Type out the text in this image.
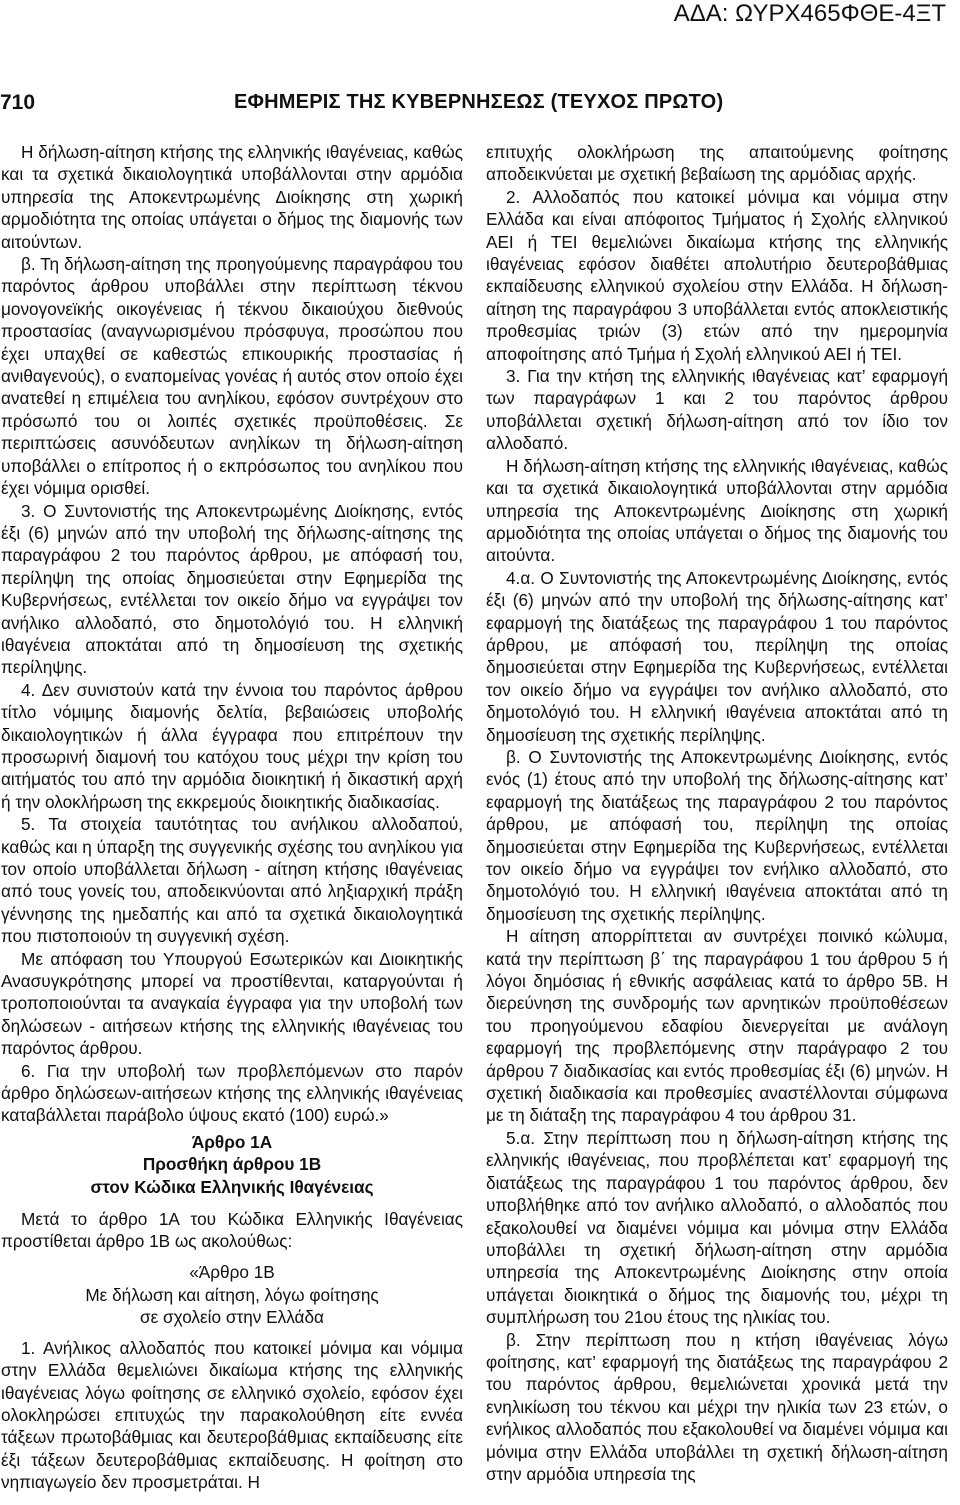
ΑΔΑ: ΩΥΡΧ465ΦΘΕ-4ΞΤ
710	ΕΦΗΜΕΡΙΣ ΤΗΣ ΚΥΒΕΡΝΗΣΕΩΣ (ΤΕΥΧΟΣ ΠΡΩΤΟ)

Η δήλωση-αίτηση κτήσης της ελληνικής ιθαγένειας, καθώς και τα σχετικά δικαιολογητικά υποβάλλονται στην αρμόδια υπηρεσία της Αποκεντρωμένης Διοίκησης στη χωρική αρμοδιότητα της οποίας υπάγεται ο δήμος της διαμονής των αιτούντων.

β. Τη δήλωση-αίτηση της προηγούμενης παραγράφου του παρόντος άρθρου υποβάλλει στην περίπτωση τέκνου μονογονεϊκής οικογένειας ή τέκνου δικαιούχου διεθνούς προστασίας (αναγνωρισμένου πρόσφυγα, προσώπου που έχει υπαχθεί σε καθεστώς επικουρικής προστασίας ή ανιθαγενούς), ο εναπομείνας γονέας ή αυτός στον οποίο έχει ανατεθεί η επιμέλεια του ανηλίκου, εφόσον συντρέχουν στο πρόσωπό του οι λοιπές σχετικές προϋποθέσεις. Σε περιπτώσεις ασυνόδευτων ανηλίκων τη δήλωση-αίτηση υποβάλλει ο επίτροπος ή ο εκπρόσωπος του ανηλίκου που έχει νόμιμα ορισθεί.

3. Ο Συντονιστής της Αποκεντρωμένης Διοίκησης, εντός έξι (6) μηνών από την υποβολή της δήλωσης-αίτησης της παραγράφου 2 του παρόντος άρθρου, με απόφασή του, περίληψη της οποίας δημοσιεύεται στην Εφημερίδα της Κυβερνήσεως, εντέλλεται τον οικείο δήμο να εγγράψει τον ανήλικο αλλοδαπό, στο δημοτολόγιό του. Η ελληνική ιθαγένεια αποκτάται από τη δημοσίευση της σχετικής περίληψης.

4. Δεν συνιστούν κατά την έννοια του παρόντος άρθρου τίτλο νόμιμης διαμονής δελτία, βεβαιώσεις υποβολής δικαιολογητικών ή άλλα έγγραφα που επιτρέπουν την προσωρινή διαμονή του κατόχου τους μέχρι την κρίση του αιτήματός του από την αρμόδια διοικητική ή δικαστική αρχή ή την ολοκλήρωση της εκκρεμούς διοικητικής διαδικασίας.

5. Τα στοιχεία ταυτότητας του ανήλικου αλλοδαπού, καθώς και η ύπαρξη της συγγενικής σχέσης του ανηλίκου για τον οποίο υποβάλλεται δήλωση - αίτηση κτήσης ιθαγένειας από τους γονείς του, αποδεικνύονται από ληξιαρχική πράξη γέννησης της ημεδαπής και από τα σχετικά δικαιολογητικά που πιστοποιούν τη συγγενική σχέση.

Με απόφαση του Υπουργού Εσωτερικών και Διοικητικής Ανασυγκρότησης μπορεί να προστίθενται, καταργούνται ή τροποποιούνται τα αναγκαία έγγραφα για την υποβολή των δηλώσεων - αιτήσεων κτήσης της ελληνικής ιθαγένειας του παρόντος άρθρου.

6. Για την υποβολή των προβλεπόμενων στο παρόν άρθρο δηλώσεων-αιτήσεων κτήσης της ελληνικής ιθαγένειας καταβάλλεται παράβολο ύψους εκατό (100) ευρώ.»

Άρθρο 1Α
Προσθήκη άρθρου 1Β
στον Κώδικα Ελληνικής Ιθαγένειας

Μετά το άρθρο 1Α του Κώδικα Ελληνικής Ιθαγένειας προστίθεται άρθρο 1Β ως ακολούθως:

«Άρθρο 1Β
Με δήλωση και αίτηση, λόγω φοίτησης
σε σχολείο στην Ελλάδα

1. Ανήλικος αλλοδαπός που κατοικεί μόνιμα και νόμιμα στην Ελλάδα θεμελιώνει δικαίωμα κτήσης της ελληνικής ιθαγένειας λόγω φοίτησης σε ελληνικό σχολείο, εφόσον έχει ολοκληρώσει επιτυχώς την παρακολούθηση είτε εννέα τάξεων πρωτοβάθμιας και δευτεροβάθμιας εκπαίδευσης είτε έξι τάξεων δευτεροβάθμιας εκπαίδευσης. Η φοίτηση στο νηπιαγωγείο δεν προσμετράται. Η

επιτυχής ολοκλήρωση της απαιτούμενης φοίτησης αποδεικνύεται με σχετική βεβαίωση της αρμόδιας αρχής.

2. Αλλοδαπός που κατοικεί μόνιμα και νόμιμα στην Ελλάδα και είναι απόφοιτος Τμήματος ή Σχολής ελληνικού ΑΕΙ ή ΤΕΙ θεμελιώνει δικαίωμα κτήσης της ελληνικής ιθαγένειας εφόσον διαθέτει απολυτήριο δευτεροβάθμιας εκπαίδευσης ελληνικού σχολείου στην Ελλάδα. Η δήλωση-αίτηση της παραγράφου 3 υποβάλλεται εντός αποκλειστικής προθεσμίας τριών (3) ετών από την ημερομηνία αποφοίτησης από Τμήμα ή Σχολή ελληνικού ΑΕΙ ή ΤΕΙ.

3. Για την κτήση της ελληνικής ιθαγένειας κατ’ εφαρμογή των παραγράφων 1 και 2 του παρόντος άρθρου υποβάλλεται σχετική δήλωση-αίτηση από τον ίδιο τον αλλοδαπό.

Η δήλωση-αίτηση κτήσης της ελληνικής ιθαγένειας, καθώς και τα σχετικά δικαιολογητικά υποβάλλονται στην αρμόδια υπηρεσία της Αποκεντρωμένης Διοίκησης στη χωρική αρμοδιότητα της οποίας υπάγεται ο δήμος της διαμονής του αιτούντα.

4.α. Ο Συντονιστής της Αποκεντρωμένης Διοίκησης, εντός έξι (6) μηνών από την υποβολή της δήλωσης-αίτησης κατ’ εφαρμογή της διατάξεως της παραγράφου 1 του παρόντος άρθρου, με απόφασή του, περίληψη της οποίας δημοσιεύεται στην Εφημερίδα της Κυβερνήσεως, εντέλλεται τον οικείο δήμο να εγγράψει τον ανήλικο αλλοδαπό, στο δημοτολόγιό του. Η ελληνική ιθαγένεια αποκτάται από τη δημοσίευση της σχετικής περίληψης.

β. Ο Συντονιστής της Αποκεντρωμένης Διοίκησης, εντός ενός (1) έτους από την υποβολή της δήλωσης-αίτησης κατ’ εφαρμογή της διατάξεως της παραγράφου 2 του παρόντος άρθρου, με απόφασή του, περίληψη της οποίας δημοσιεύεται στην Εφημερίδα της Κυβερνήσεως, εντέλλεται τον οικείο δήμο να εγγράψει τον ενήλικο αλλοδαπό, στο δημοτολόγιό του. Η ελληνική ιθαγένεια αποκτάται από τη δημοσίευση της σχετικής περίληψης.

Η αίτηση απορρίπτεται αν συντρέχει ποινικό κώλυμα, κατά την περίπτωση β΄ της παραγράφου 1 του άρθρου 5 ή λόγοι δημόσιας ή εθνικής ασφάλειας κατά το άρθρο 5Β. Η διερεύνηση της συνδρομής των αρνητικών προϋποθέσεων του προηγούμενου εδαφίου διενεργείται με ανάλογη εφαρμογή της προβλεπόμενης στην παράγραφο 2 του άρθρου 7 διαδικασίας και εντός προθεσμίας έξι (6) μηνών. Η σχετική διαδικασία και προθεσμίες αναστέλλονται σύμφωνα με τη διάταξη της παραγράφου 4 του άρθρου 31.

5.α. Στην περίπτωση που η δήλωση-αίτηση κτήσης της ελληνικής ιθαγένειας, που προβλέπεται κατ’ εφαρμογή της διατάξεως της παραγράφου 1 του παρόντος άρθρου, δεν υποβλήθηκε από τον ανήλικο αλλοδαπό, ο αλλοδαπός που εξακολουθεί να διαμένει νόμιμα και μόνιμα στην Ελλάδα υποβάλλει τη σχετική δήλωση-αίτηση στην αρμόδια υπηρεσία της Αποκεντρωμένης Διοίκησης στην οποία υπάγεται διοικητικά ο δήμος της διαμονής του, μέχρι τη συμπλήρωση του 21ου έτους της ηλικίας του.

β. Στην περίπτωση που η κτήση ιθαγένειας λόγω φοίτησης, κατ’ εφαρμογή της διατάξεως της παραγράφου 2 του παρόντος άρθρου, θεμελιώνεται χρονικά μετά την ενηλικίωση του τέκνου και μέχρι την ηλικία των 23 ετών, ο ενήλικος αλλοδαπός που εξακολουθεί να διαμένει νόμιμα και μόνιμα στην Ελλάδα υποβάλλει τη σχετική δήλωση-αίτηση στην αρμόδια υπηρεσία της
